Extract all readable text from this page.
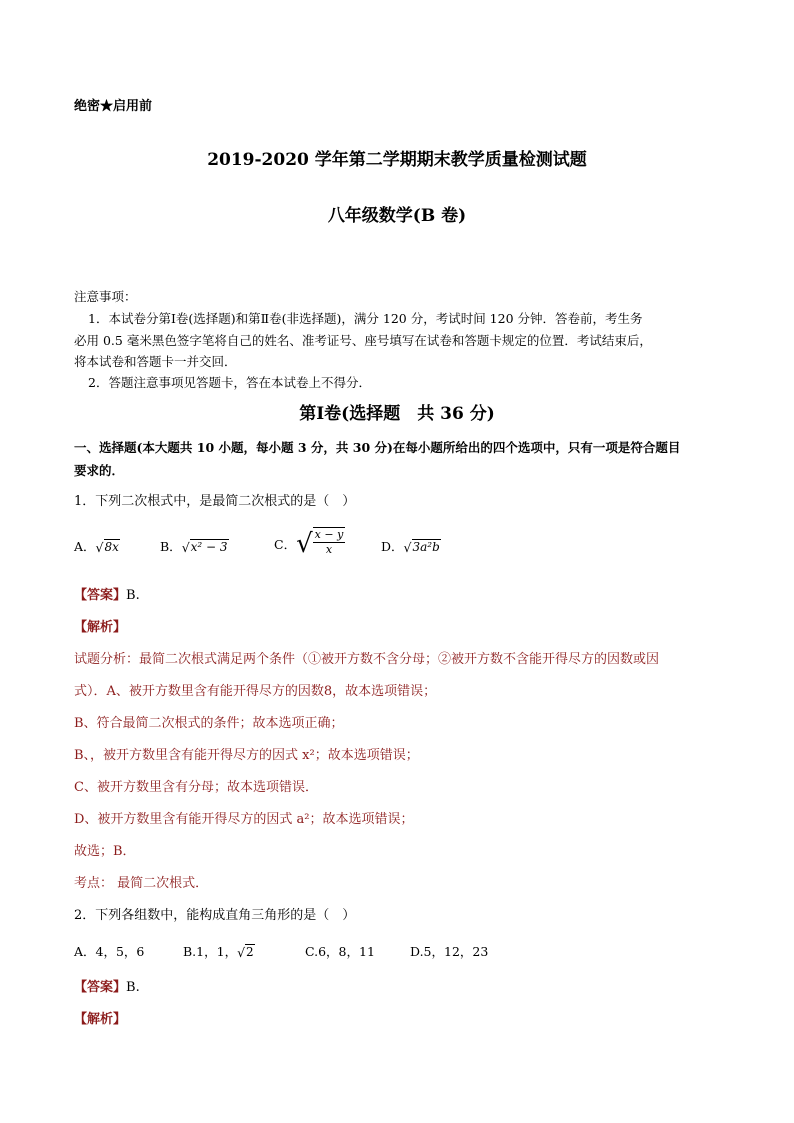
绝密★启用前
2019-2020 学年第二学期期末教学质量检测试题
八年级数学(B 卷)
注意事项：
1．本试卷分第Ⅰ卷(选择题)和第Ⅱ卷(非选择题)，满分 120 分，考试时间 120 分钟．答卷前，考生务
必用 0.5 毫米黑色签字笔将自己的姓名、准考证号、座号填写在试卷和答题卡规定的位置．考试结束后，
将本试卷和答题卡一并交回．
2．答题注意事项见答题卡，答在本试卷上不得分．
第Ⅰ卷(选择题　共 36 分)
一、选择题(本大题共 10 小题，每小题 3 分，共 30 分)在每小题所给出的四个选项中，只有一项是符合题目
要求的．
1．下列二次根式中，是最简二次根式的是（　）
A．√8x	B．√x² − 3	C． √ $\frac{x - y}{x}$	D．√3a²b
【答案】B.
【解析】
试题分析：最简二次根式满足两个条件（①被开方数不含分母；②被开方数不含能开得尽方的因数或因
式）．A、被开方数里含有能开得尽方的因数8，故本选项错误；
B、符合最简二次根式的条件；故本选项正确；
B、，被开方数里含有能开得尽方的因式 x²；故本选项错误；
C、被开方数里含有分母；故本选项错误．
D、被开方数里含有能开得尽方的因式 a²；故本选项错误；
故选；B．
考点： 最简二次根式．
2．下列各组数中，能构成直角三角形的是（　）
A．4，5，6	B.1，1，√2	C.6，8，11	D.5，12，23
【答案】B.
【解析】
